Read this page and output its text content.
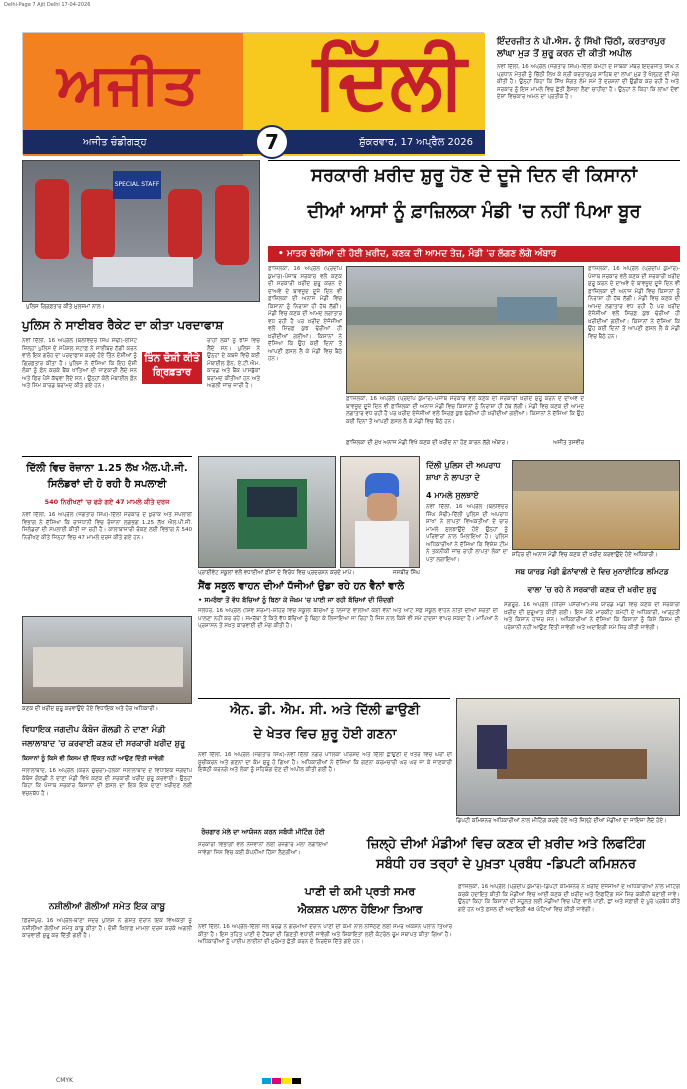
Delhi-Page 7 Ajit Delhi 17-04-2026
ਅਜੀਤ ਦਿੱਲੀ
ਅਜੀਤ ਚੰਡੀਗੜ੍ਹ	ਸ਼ੁੱਕਰਵਾਰ, 17 ਅਪ੍ਰੈਲ 2026
7
ਇੰਦਰਜੀਤ ਨੇ ਪੀ.ਐਸ. ਨੂੰ ਸਿੱਖੀ ਚਿੱਠੀ, ਕਰਤਾਰਪੁਰ ਲਾਂਘਾ ਮੁੜ ਤੋਂ ਸ਼ੁਰੂ ਕਰਨ ਦੀ ਕੀਤੀ ਅਪੀਲ
ਨਵੀਂ ਦਿੱਲੀ, 16 ਅਪ੍ਰੈਲ (ਜਗਤਾਰ ਸਿੰਘ)-ਦਿੱਲੀ ਕਮੇਟੀ ਦੇ ਸਾਬਕਾ ਮੈਂਬਰ ਇੰਦਰਜੀਤ ਸਿੰਘ ਨੇ ਪ੍ਰਧਾਨ ਮੰਤਰੀ ਨੂੰ ਚਿੱਠੀ ਲਿਖ ਕੇ ਸ੍ਰੀ ਕਰਤਾਰਪੁਰ ਸਾਹਿਬ ਦਾ ਲਾਂਘਾ ਮੁੜ ਤੋਂ ਖੋਲ੍ਹਣ ਦੀ ਮੰਗ ਕੀਤੀ ਹੈ। ਉਨ੍ਹਾਂ ਕਿਹਾ ਕਿ ਸਿੱਖ ਸੰਗਤ ਲੰਮੇ ਸਮੇਂ ਤੋਂ ਦਰਸ਼ਨਾਂ ਦੀ ਉਡੀਕ ਕਰ ਰਹੀ ਹੈ ਅਤੇ ਸਰਕਾਰ ਨੂੰ ਇਸ ਮਾਮਲੇ ਵਿਚ ਛੇਤੀ ਫ਼ੈਸਲਾ ਲੈਣਾ ਚਾਹੀਦਾ ਹੈ। ਉਨ੍ਹਾਂ ਨੇ ਕਿਹਾ ਕਿ ਲਾਂਘਾ ਦੋਵਾਂ ਦੇਸ਼ਾਂ ਵਿਚਕਾਰ ਅਮਨ ਦਾ ਪ੍ਰਤੀਕ ਹੈ।
SPECIAL STAFF
ਪੁਲਿਸ ਗ੍ਰਿਫ਼ਤਾਰ ਕੀਤੇ ਮੁਲਜ਼ਮਾਂ ਨਾਲ।
ਪੁਲਿਸ ਨੇ ਸਾਈਬਰ ਰੈਕੇਟ ਦਾ ਕੀਤਾ ਪਰਦਾਫਾਸ਼
ਨਵੀਂ ਦਿੱਲੀ, 16 ਅਪ੍ਰੈਲ (ਬਲਵਿੰਦਰ ਸਿੰਘ ਸੋਢੀ)-ਈਸਟ ਜ਼ਿਲ੍ਹਾ ਪੁਲਿਸ ਦੇ ਸਪੈਸ਼ਲ ਸਟਾਫ਼ ਨੇ ਸਾਈਬਰ ਠੱਗੀ ਕਰਨ ਵਾਲੇ ਇਕ ਗਰੋਹ ਦਾ ਪਰਦਾਫਾਸ਼ ਕਰਦੇ ਹੋਏ ਤਿੰਨ ਦੋਸ਼ੀਆਂ ਨੂੰ ਗ੍ਰਿਫ਼ਤਾਰ ਕੀਤਾ ਹੈ। ਪੁਲਿਸ ਨੇ ਦੱਸਿਆ ਕਿ ਇਹ ਦੋਸ਼ੀ ਲੋਕਾਂ ਨੂੰ ਫ਼ੋਨ ਕਰਕੇ ਬੈਂਕ ਖਾਤਿਆਂ ਦੀ ਜਾਣਕਾਰੀ ਲੈਂਦੇ ਸਨ ਅਤੇ ਫਿਰ ਪੈਸੇ ਕੱਢਵਾ ਲੈਂਦੇ ਸਨ। ਉਨ੍ਹਾਂ ਕੋਲੋਂ ਮੋਬਾਈਲ ਫ਼ੋਨ ਅਤੇ ਸਿਮ ਕਾਰਡ ਬਰਾਮਦ ਕੀਤੇ ਗਏ ਹਨ।
ਤਿੰਨ ਦੋਸ਼ੀ ਕੀਤੇ ਗ੍ਰਿਫ਼ਤਾਰ
ਰਾਹੀਂ ਲੋਕਾਂ ਨੂੰ ਝਾਂਸੇ ਵਿਚ ਲੈਂਦੇ ਸਨ। ਪੁਲਿਸ ਨੇ ਉਨ੍ਹਾਂ ਦੇ ਕਬਜ਼ੇ ਵਿਚੋਂ ਕਈ ਮੋਬਾਈਲ ਫ਼ੋਨ, ਏ.ਟੀ.ਐਮ. ਕਾਰਡ ਅਤੇ ਬੈਂਕ ਪਾਸਬੁੱਕਾਂ ਬਰਾਮਦ ਕੀਤੀਆਂ ਹਨ ਅਤੇ ਅਗਲੀ ਜਾਂਚ ਜਾਰੀ ਹੈ।
ਸਰਕਾਰੀ ਖ਼ਰੀਦ ਸ਼ੁਰੂ ਹੋਣ ਦੇ ਦੂਜੇ ਦਿਨ ਵੀ ਕਿਸਾਨਾਂ
ਦੀਆਂ ਆਸਾਂ ਨੂੰ ਫ਼ਾਜ਼ਿਲਕਾ ਮੰਡੀ 'ਚ ਨਹੀਂ ਪਿਆ ਬੂਰ
• ਮਾਤਰ ਢੇਰੀਆਂ ਦੀ ਹੋਈ ਖ਼ਰੀਦ, ਕਣਕ ਦੀ ਆਮਦ ਤੇਜ਼, ਮੰਡੀ 'ਚ ਲੱਗਣ ਲੱਗੇ ਅੰਬਾਰ
ਫ਼ਾਜ਼ਿਲਕਾ, 16 ਅਪ੍ਰੈਲ (ਪ੍ਰਦੀਪ ਕੁਮਾਰ)-ਪੰਜਾਬ ਸਰਕਾਰ ਵਲੋਂ ਕਣਕ ਦੀ ਸਰਕਾਰੀ ਖ਼ਰੀਦ ਸ਼ੁਰੂ ਕਰਨ ਦੇ ਦਾਅਵੇ ਦੇ ਬਾਵਜੂਦ ਦੂਜੇ ਦਿਨ ਵੀ ਫ਼ਾਜ਼ਿਲਕਾ ਦੀ ਅਨਾਜ ਮੰਡੀ ਵਿਚ ਕਿਸਾਨਾਂ ਨੂੰ ਨਿਰਾਸ਼ਾ ਹੀ ਹੱਥ ਲੱਗੀ। ਮੰਡੀ ਵਿਚ ਕਣਕ ਦੀ ਆਮਦ ਲਗਾਤਾਰ ਵਧ ਰਹੀ ਹੈ ਪਰ ਖ਼ਰੀਦ ਏਜੰਸੀਆਂ ਵਲੋਂ ਸਿਰਫ਼ ਕੁਝ ਢੇਰੀਆਂ ਹੀ ਖ਼ਰੀਦੀਆਂ ਗਈਆਂ। ਕਿਸਾਨਾਂ ਨੇ ਦੱਸਿਆ ਕਿ ਉਹ ਕਈ ਦਿਨਾਂ ਤੋਂ ਆਪਣੀ ਫ਼ਸਲ ਲੈ ਕੇ ਮੰਡੀ ਵਿਚ ਬੈਠੇ ਹਨ।
ਫ਼ਾਜ਼ਿਲਕਾ, 16 ਅਪ੍ਰੈਲ (ਪ੍ਰਦੀਪ ਕੁਮਾਰ)-ਪੰਜਾਬ ਸਰਕਾਰ ਵਲੋਂ ਕਣਕ ਦੀ ਸਰਕਾਰੀ ਖ਼ਰੀਦ ਸ਼ੁਰੂ ਕਰਨ ਦੇ ਦਾਅਵੇ ਦੇ ਬਾਵਜੂਦ ਦੂਜੇ ਦਿਨ ਵੀ ਫ਼ਾਜ਼ਿਲਕਾ ਦੀ ਅਨਾਜ ਮੰਡੀ ਵਿਚ ਕਿਸਾਨਾਂ ਨੂੰ ਨਿਰਾਸ਼ਾ ਹੀ ਹੱਥ ਲੱਗੀ। ਮੰਡੀ ਵਿਚ ਕਣਕ ਦੀ ਆਮਦ ਲਗਾਤਾਰ ਵਧ ਰਹੀ ਹੈ ਪਰ ਖ਼ਰੀਦ ਏਜੰਸੀਆਂ ਵਲੋਂ ਸਿਰਫ਼ ਕੁਝ ਢੇਰੀਆਂ ਹੀ ਖ਼ਰੀਦੀਆਂ ਗਈਆਂ। ਕਿਸਾਨਾਂ ਨੇ ਦੱਸਿਆ ਕਿ ਉਹ ਕਈ ਦਿਨਾਂ ਤੋਂ ਆਪਣੀ ਫ਼ਸਲ ਲੈ ਕੇ ਮੰਡੀ ਵਿਚ ਬੈਠੇ ਹਨ।
ਫ਼ਾਜ਼ਿਲਕਾ ਦੀ ਮੁੱਖ ਅਨਾਜ ਮੰਡੀ ਵਿਖੇ ਕਣਕ ਦੀ ਖ਼ਰੀਦ ਨਾ ਹੋਣ ਕਾਰਨ ਲੱਗੇ ਅੰਬਾਰ।	ਅਜੀਤ ਤਸਵੀਰ
ਫ਼ਾਜ਼ਿਲਕਾ, 16 ਅਪ੍ਰੈਲ (ਪ੍ਰਦੀਪ ਕੁਮਾਰ)-ਪੰਜਾਬ ਸਰਕਾਰ ਵਲੋਂ ਕਣਕ ਦੀ ਸਰਕਾਰੀ ਖ਼ਰੀਦ ਸ਼ੁਰੂ ਕਰਨ ਦੇ ਦਾਅਵੇ ਦੇ ਬਾਵਜੂਦ ਦੂਜੇ ਦਿਨ ਵੀ ਫ਼ਾਜ਼ਿਲਕਾ ਦੀ ਅਨਾਜ ਮੰਡੀ ਵਿਚ ਕਿਸਾਨਾਂ ਨੂੰ ਨਿਰਾਸ਼ਾ ਹੀ ਹੱਥ ਲੱਗੀ। ਮੰਡੀ ਵਿਚ ਕਣਕ ਦੀ ਆਮਦ ਲਗਾਤਾਰ ਵਧ ਰਹੀ ਹੈ ਪਰ ਖ਼ਰੀਦ ਏਜੰਸੀਆਂ ਵਲੋਂ ਸਿਰਫ਼ ਕੁਝ ਢੇਰੀਆਂ ਹੀ ਖ਼ਰੀਦੀਆਂ ਗਈਆਂ। ਕਿਸਾਨਾਂ ਨੇ ਦੱਸਿਆ ਕਿ ਉਹ ਕਈ ਦਿਨਾਂ ਤੋਂ ਆਪਣੀ ਫ਼ਸਲ ਲੈ ਕੇ ਮੰਡੀ ਵਿਚ ਬੈਠੇ ਹਨ।
ਦਿੱਲੀ ਵਿਚ ਰੋਜ਼ਾਨਾ 1.25 ਲੱਖ ਐਲ.ਪੀ.ਜੀ.
ਸਿਲੰਡਰਾਂ ਦੀ ਹੋ ਰਹੀ ਹੈ ਸਪਲਾਈ
540 ਨਿਰੀਖਣਾਂ 'ਚ ਫੜੇ ਗਏ 47 ਮਾਮਲੇ ਕੀਤੇ ਦਰਜ
ਨਵੀਂ ਦਿੱਲੀ, 16 ਅਪ੍ਰੈਲ (ਜਗਤਾਰ ਸਿੰਘ)-ਦਿੱਲੀ ਸਰਕਾਰ ਦੇ ਖ਼ੁਰਾਕ ਅਤੇ ਸਪਲਾਈ ਵਿਭਾਗ ਨੇ ਦੱਸਿਆ ਕਿ ਰਾਜਧਾਨੀ ਵਿਚ ਰੋਜ਼ਾਨਾ ਲਗਭਗ 1.25 ਲੱਖ ਐਲ.ਪੀ.ਜੀ. ਸਿਲੰਡਰਾਂ ਦੀ ਸਪਲਾਈ ਕੀਤੀ ਜਾ ਰਹੀ ਹੈ। ਕਾਲਾਬਾਜ਼ਾਰੀ ਰੋਕਣ ਲਈ ਵਿਭਾਗ ਨੇ 540 ਨਿਰੀਖਣ ਕੀਤੇ ਜਿਨ੍ਹਾਂ ਵਿਚ 47 ਮਾਮਲੇ ਦਰਜ ਕੀਤੇ ਗਏ ਹਨ।
ਪ੍ਰਾਈਵੇਟ ਸਕੂਲਾਂ ਵਲੋਂ ਵਧਾਈਆਂ ਫ਼ੀਸਾਂ ਦੇ ਵਿਰੋਧ ਵਿਚ ਪ੍ਰਦਰਸ਼ਨ ਕਰਦੇ ਮਾਪੇ।	ਜਸਬੀਰ ਸਿੰਘ
ਸੈਂਫ ਸਕੂਲ ਵਾਹਨ ਦੀਆਂ ਧੱਜੀਆਂ ਉਡਾ ਰਹੇ ਹਨ ਵੈਨਾਂ ਵਾਲੇ
• ਸਮਰੱਥਾ ਤੋਂ ਵੱਧ ਬੱਚਿਆਂ ਨੂੰ ਬਿਠਾ ਕੇ ਜੋਖ਼ਮ 'ਚ ਪਾਈ ਜਾ ਰਹੀ ਬੱਚਿਆਂ ਦੀ ਜ਼ਿੰਦਗੀ
ਜਲੰਧਰ, 16 ਅਪ੍ਰੈਲ (ਸ਼ਿਵ ਸ਼ਰਮਾ)-ਸ਼ਹਿਰ ਵਿਚ ਸਕੂਲੀ ਬੱਚਿਆਂ ਨੂੰ ਲਿਜਾਣ ਵਾਲੀਆਂ ਕਈ ਵੈਨਾਂ ਅਤੇ ਆਟੋ ਸੇਫ਼ ਸਕੂਲ ਵਾਹਨ ਨੀਤੀ ਦੀਆਂ ਸ਼ਰਤਾਂ ਦੀ ਪਾਲਣਾ ਨਹੀਂ ਕਰ ਰਹੇ। ਸਮਰੱਥਾ ਤੋਂ ਕਿਤੇ ਵੱਧ ਬੱਚਿਆਂ ਨੂੰ ਬਿਠਾ ਕੇ ਲਿਜਾਇਆ ਜਾ ਰਿਹਾ ਹੈ ਜਿਸ ਨਾਲ ਕਿਸੇ ਵੀ ਸਮੇਂ ਹਾਦਸਾ ਵਾਪਰ ਸਕਦਾ ਹੈ। ਮਾਪਿਆਂ ਨੇ ਪ੍ਰਸ਼ਾਸਨ ਤੋਂ ਸਖ਼ਤ ਕਾਰਵਾਈ ਦੀ ਮੰਗ ਕੀਤੀ ਹੈ।
ਦਿੱਲੀ ਪੁਲਿਸ ਦੀ ਅਪਰਾਧ
ਸ਼ਾਖਾ ਨੇ ਲਾਪਤਾ ਦੇ
4 ਮਾਮਲੇ ਸੁਲਝਾਏ
ਨਵੀਂ ਦਿੱਲੀ, 16 ਅਪ੍ਰੈਲ (ਬਲਵਿੰਦਰ ਸਿੰਘ ਸੋਢੀ)-ਦਿੱਲੀ ਪੁਲਿਸ ਦੀ ਅਪਰਾਧ ਸ਼ਾਖਾ ਨੇ ਲਾਪਤਾ ਵਿਅਕਤੀਆਂ ਦੇ ਚਾਰ ਮਾਮਲੇ ਸੁਲਝਾਉਂਦੇ ਹੋਏ ਉਨ੍ਹਾਂ ਨੂੰ ਪਰਿਵਾਰਾਂ ਨਾਲ ਮਿਲਾਇਆ ਹੈ। ਪੁਲਿਸ ਅਧਿਕਾਰੀਆਂ ਨੇ ਦੱਸਿਆ ਕਿ ਵਿਸ਼ੇਸ਼ ਟੀਮ ਨੇ ਤਕਨੀਕੀ ਜਾਂਚ ਰਾਹੀਂ ਲਾਪਤਾ ਲੋਕਾਂ ਦਾ ਪਤਾ ਲਗਾਇਆ।
ਸ਼ਹਿਰ ਦੀ ਅਨਾਜ ਮੰਡੀ ਵਿਚ ਕਣਕ ਦੀ ਖ਼ਰੀਦ ਕਰਵਾਉਂਦੇ ਹੋਏ ਅਧਿਕਾਰੀ।
ਸਬ ਯਾਰਡ ਮੰਡੀ ਛੰਨਾਂਵਾਲੀ ਦੇ ਵਿਚ ਮੁਨਾਈਟਿਡ ਲਮਿਟਡ
ਵਾਲਾ 'ਚ ਰਹੇ ਨੇ ਸਰਕਾਰੀ ਕਣਕ ਦੀ ਖ਼ਰੀਦ ਸ਼ੁਰੂ
ਸੰਗਰੂਰ, 16 ਅਪ੍ਰੈਲ (ਧੀਰਜ ਪਸੌਰੀਆ)-ਸਬ ਯਾਰਡ ਮੰਡੀ ਵਿਚ ਕਣਕ ਦੀ ਸਰਕਾਰੀ ਖ਼ਰੀਦ ਦੀ ਸ਼ੁਰੂਆਤ ਕੀਤੀ ਗਈ। ਇਸ ਮੌਕੇ ਮਾਰਕੀਟ ਕਮੇਟੀ ਦੇ ਅਧਿਕਾਰੀ, ਆੜ੍ਹਤੀ ਅਤੇ ਕਿਸਾਨ ਹਾਜ਼ਰ ਸਨ। ਅਧਿਕਾਰੀਆਂ ਨੇ ਦੱਸਿਆ ਕਿ ਕਿਸਾਨਾਂ ਨੂੰ ਕਿਸੇ ਕਿਸਮ ਦੀ ਪਰੇਸ਼ਾਨੀ ਨਹੀਂ ਆਉਣ ਦਿੱਤੀ ਜਾਵੇਗੀ ਅਤੇ ਅਦਾਇਗੀ ਸਮੇਂ ਸਿਰ ਕੀਤੀ ਜਾਵੇਗੀ।
ਕਣਕ ਦੀ ਖ਼ਰੀਦ ਸ਼ੁਰੂ ਕਰਵਾਉਂਦੇ ਹੋਏ ਵਿਧਾਇਕ ਅਤੇ ਹੋਰ ਅਧਿਕਾਰੀ।
ਵਿਧਾਇਕ ਜਗਦੀਪ ਕੰਬੋਜ ਗੋਲਡੀ ਨੇ ਦਾਣਾ ਮੰਡੀ
ਜਲਾਲਾਬਾਦ 'ਚ ਕਰਵਾਈ ਕਣਕ ਦੀ ਸਰਕਾਰੀ ਖ਼ਰੀਦ ਸ਼ੁਰੂ
ਕਿਸਾਨਾਂ ਨੂੰ ਕਿਸੇ ਵੀ ਕਿਸਮ ਦੀ ਦਿੱਕਤ ਨਹੀਂ ਆਉਣ ਦਿੱਤੀ ਜਾਵੇਗੀ
ਜਲਾਲਾਬਾਦ, 16 ਅਪ੍ਰੈਲ (ਕਰਨ ਚੁਚਰਾ)-ਹਲਕਾ ਜਲਾਲਾਬਾਦ ਦੇ ਵਿਧਾਇਕ ਜਗਦੀਪ ਕੰਬੋਜ ਗੋਲਡੀ ਨੇ ਦਾਣਾ ਮੰਡੀ ਵਿਖੇ ਕਣਕ ਦੀ ਸਰਕਾਰੀ ਖ਼ਰੀਦ ਸ਼ੁਰੂ ਕਰਵਾਈ। ਉਨ੍ਹਾਂ ਕਿਹਾ ਕਿ ਪੰਜਾਬ ਸਰਕਾਰ ਕਿਸਾਨਾਂ ਦੀ ਫ਼ਸਲ ਦਾ ਇਕ ਇਕ ਦਾਣਾ ਖ਼ਰੀਦਣ ਲਈ ਵਚਨਬੱਧ ਹੈ।
ਨਸ਼ੀਲੀਆਂ ਗੋਲੀਆਂ ਸਮੇਤ ਇਕ ਕਾਬੂ
ਫ਼ਿਰੋਜ਼ਪੁਰ, 16 ਅਪ੍ਰੈਲ-ਥਾਣਾ ਸਦਰ ਪੁਲਿਸ ਨੇ ਗਸ਼ਤ ਦੌਰਾਨ ਇਕ ਵਿਅਕਤੀ ਨੂੰ ਨਸ਼ੀਲੀਆਂ ਗੋਲੀਆਂ ਸਮੇਤ ਕਾਬੂ ਕੀਤਾ ਹੈ। ਦੋਸ਼ੀ ਖ਼ਿਲਾਫ਼ ਮਾਮਲਾ ਦਰਜ ਕਰਕੇ ਅਗਲੀ ਕਾਰਵਾਈ ਸ਼ੁਰੂ ਕਰ ਦਿੱਤੀ ਗਈ ਹੈ।
ਐਨ. ਡੀ. ਐਮ. ਸੀ. ਅਤੇ ਦਿੱਲੀ ਛਾਉਣੀ
ਦੇ ਖੇਤਰ ਵਿਚ ਸ਼ੁਰੂ ਹੋਈ ਗਣਨਾ
ਨਵੀਂ ਦਿੱਲੀ, 16 ਅਪ੍ਰੈਲ (ਜਗਤਾਰ ਸਿੰਘ)-ਨਵੀਂ ਦਿੱਲੀ ਨਗਰ ਪਾਲਿਕਾ ਪਰਿਸ਼ਦ ਅਤੇ ਦਿੱਲੀ ਛਾਉਣੀ ਦੇ ਖੇਤਰ ਵਿਚ ਘਰਾਂ ਦੀ ਸੂਚੀਕਰਨ ਅਤੇ ਗਣਨਾ ਦਾ ਕੰਮ ਸ਼ੁਰੂ ਹੋ ਗਿਆ ਹੈ। ਅਧਿਕਾਰੀਆਂ ਨੇ ਦੱਸਿਆ ਕਿ ਗਣਨਾ ਕਰਮਚਾਰੀ ਘਰ ਘਰ ਜਾ ਕੇ ਜਾਣਕਾਰੀ ਇਕੱਠੀ ਕਰਨਗੇ ਅਤੇ ਲੋਕਾਂ ਨੂੰ ਸਹਿਯੋਗ ਦੇਣ ਦੀ ਅਪੀਲ ਕੀਤੀ ਗਈ ਹੈ।
ਰੋਜ਼ਗਾਰ ਮੇਲੇ ਦਾ ਆਯੋਜਨ ਕਰਨ ਸਬੰਧੀ ਮੀਟਿੰਗ ਹੋਈ
ਸਰਕਾਰੀ ਵਿਭਾਗਾਂ ਵਲੋਂ ਨੌਜਵਾਨਾਂ ਲਈ ਰੋਜ਼ਗਾਰ ਮੇਲਾ ਲਗਾਇਆ ਜਾਵੇਗਾ ਜਿਸ ਵਿਚ ਕਈ ਕੰਪਨੀਆਂ ਹਿੱਸਾ ਲੈਣਗੀਆਂ।
ਪਾਣੀ ਦੀ ਕਮੀ ਪ੍ਰਤੀ ਸਮਰ
ਐਕਸ਼ਨ ਪਲਾਨ ਹੋਇਆ ਤਿਆਰ
ਨਵੀਂ ਦਿੱਲੀ, 16 ਅਪ੍ਰੈਲ-ਦਿੱਲੀ ਜਲ ਬੋਰਡ ਨੇ ਗਰਮੀਆਂ ਦੌਰਾਨ ਪਾਣੀ ਦੀ ਕਮੀ ਨਾਲ ਨਜਿੱਠਣ ਲਈ ਸਮਰ ਐਕਸ਼ਨ ਪਲਾਨ ਤਿਆਰ ਕੀਤਾ ਹੈ। ਇਸ ਤਹਿਤ ਪਾਣੀ ਦੇ ਟੈਂਕਰਾਂ ਦੀ ਗਿਣਤੀ ਵਧਾਈ ਜਾਵੇਗੀ ਅਤੇ ਸ਼ਿਕਾਇਤਾਂ ਲਈ ਕੰਟਰੋਲ ਰੂਮ ਸਥਾਪਤ ਕੀਤਾ ਗਿਆ ਹੈ। ਅਧਿਕਾਰੀਆਂ ਨੂੰ ਪਾਈਪ ਲਾਈਨਾਂ ਦੀ ਮੁਰੰਮਤ ਛੇਤੀ ਕਰਨ ਦੇ ਨਿਰਦੇਸ਼ ਦਿੱਤੇ ਗਏ ਹਨ।
ਡਿਪਟੀ ਕਮਿਸ਼ਨਰ ਅਧਿਕਾਰੀਆਂ ਨਾਲ ਮੀਟਿੰਗ ਕਰਦੇ ਹੋਏ ਅਤੇ ਜ਼ਿਲ੍ਹੇ ਦੀਆਂ ਮੰਡੀਆਂ ਦਾ ਜਾਇਜ਼ਾ ਲੈਂਦੇ ਹੋਏ।
ਜ਼ਿਲ੍ਹੇ ਦੀਆਂ ਮੰਡੀਆਂ ਵਿਚ ਕਣਕ ਦੀ ਖ਼ਰੀਦ ਅਤੇ ਲਿਫਟਿੰਗ
ਸਬੰਧੀ ਹਰ ਤਰ੍ਹਾਂ ਦੇ ਪੁਖ਼ਤਾ ਪ੍ਰਬੰਧ -ਡਿਪਟੀ ਕਮਿਸ਼ਨਰ
ਫ਼ਾਜ਼ਿਲਕਾ, 16 ਅਪ੍ਰੈਲ (ਪ੍ਰਦੀਪ ਕੁਮਾਰ)-ਡਿਪਟੀ ਕਮਿਸ਼ਨਰ ਨੇ ਖ਼ਰੀਦ ਏਜੰਸੀਆਂ ਦੇ ਅਧਿਕਾਰੀਆਂ ਨਾਲ ਮੀਟਿੰਗ ਕਰਕੇ ਹਦਾਇਤ ਕੀਤੀ ਕਿ ਮੰਡੀਆਂ ਵਿਚ ਆਈ ਕਣਕ ਦੀ ਖ਼ਰੀਦ ਅਤੇ ਲਿਫਟਿੰਗ ਸਮੇਂ ਸਿਰ ਯਕੀਨੀ ਬਣਾਈ ਜਾਵੇ। ਉਨ੍ਹਾਂ ਕਿਹਾ ਕਿ ਕਿਸਾਨਾਂ ਦੀ ਸਹੂਲਤ ਲਈ ਮੰਡੀਆਂ ਵਿਚ ਪੀਣ ਵਾਲੇ ਪਾਣੀ, ਛਾਂ ਅਤੇ ਸਫ਼ਾਈ ਦੇ ਪੂਰੇ ਪ੍ਰਬੰਧ ਕੀਤੇ ਗਏ ਹਨ ਅਤੇ ਫ਼ਸਲ ਦੀ ਅਦਾਇਗੀ 48 ਘੰਟਿਆਂ ਵਿਚ ਕੀਤੀ ਜਾਵੇਗੀ।
CMYK
